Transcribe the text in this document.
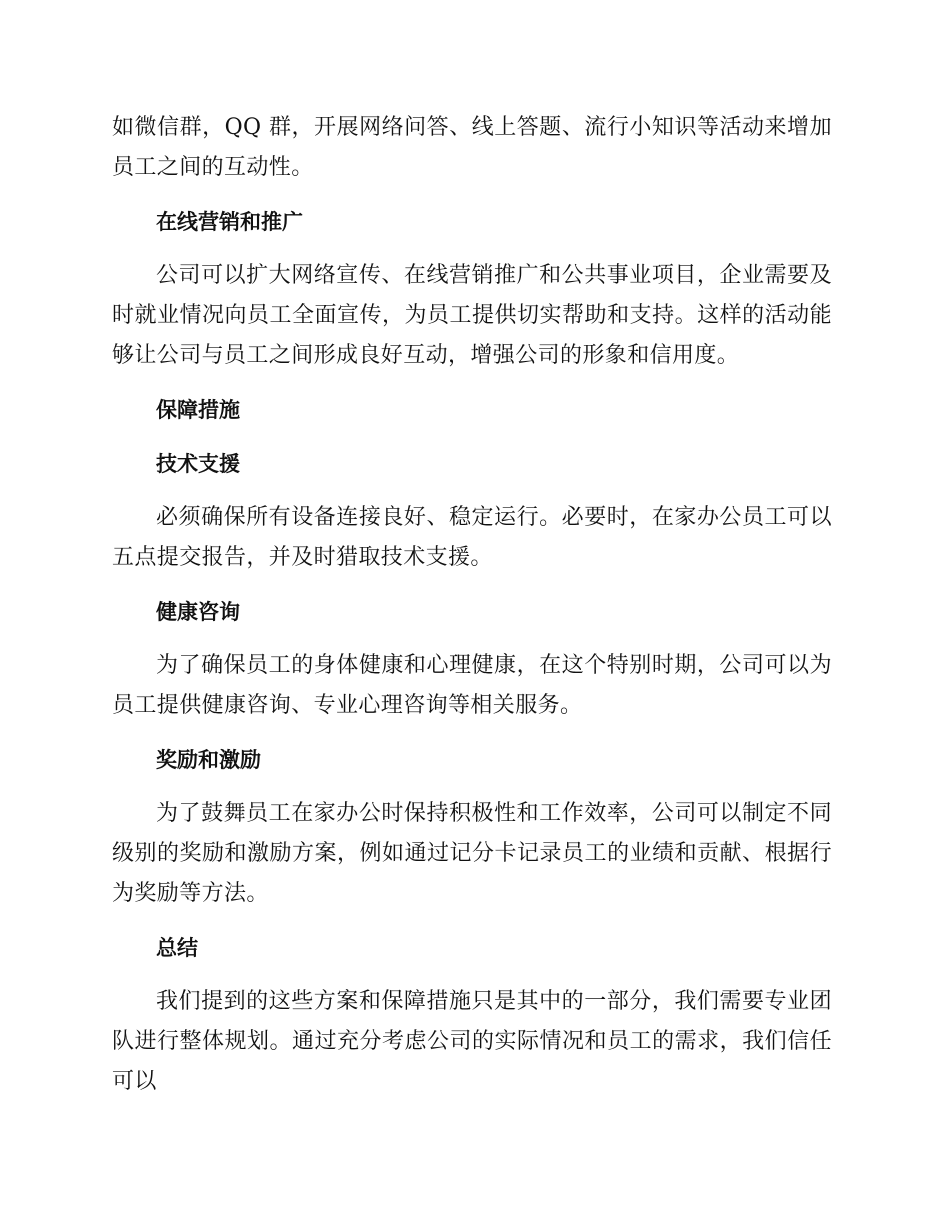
如微信群，QQ 群，开展网络问答、线上答题、流行小知识等活动来增加员工之间的互动性。

在线营销和推广

公司可以扩大网络宣传、在线营销推广和公共事业项目，企业需要及时就业情况向员工全面宣传，为员工提供切实帮助和支持。这样的活动能够让公司与员工之间形成良好互动，增强公司的形象和信用度。

保障措施
技术支援

必须确保所有设备连接良好、稳定运行。必要时，在家办公员工可以五点提交报告，并及时猎取技术支援。

健康咨询

为了确保员工的身体健康和心理健康，在这个特别时期，公司可以为员工提供健康咨询、专业心理咨询等相关服务。

奖励和激励

为了鼓舞员工在家办公时保持积极性和工作效率，公司可以制定不同级别的奖励和激励方案，例如通过记分卡记录员工的业绩和贡献、根据行为奖励等方法。

总结

我们提到的这些方案和保障措施只是其中的一部分，我们需要专业团队进行整体规划。通过充分考虑公司的实际情况和员工的需求，我们信任可以
